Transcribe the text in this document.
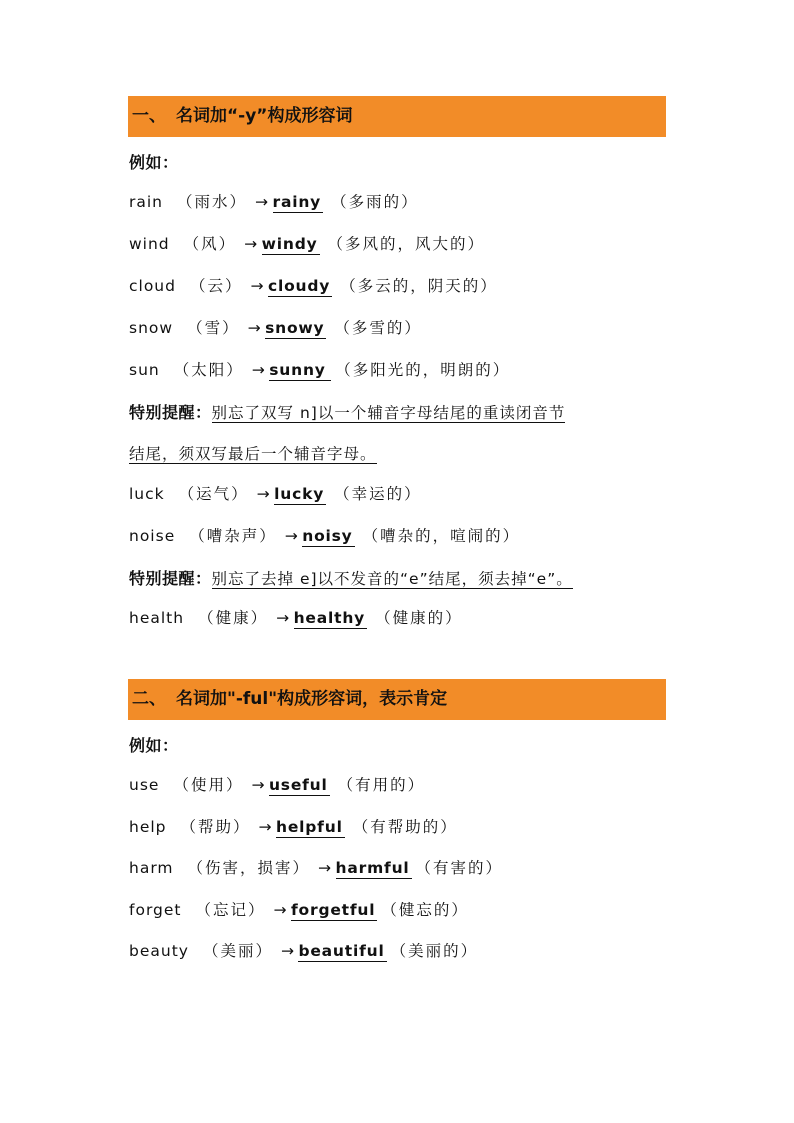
一、 名词加“-y”构成形容词
例如：
rain （雨水） → rainy （多雨的）
wind （风） → windy （多风的，风大的）
cloud （云） → cloudy （多云的，阴天的）
snow （雪） → snowy （多雪的）
sun （太阳） → sunny （多阳光的，明朗的）
特别提醒：别忘了双写 n]以一个辅音字母结尾的重读闭音节
结尾，须双写最后一个辅音字母。
luck （运气） → lucky （幸运的）
noise （嘈杂声） → noisy （嘈杂的，喧闹的）
特别提醒：别忘了去掉 e]以不发音的“e”结尾，须去掉“e”。
health （健康） → healthy （健康的）
二、 名词加"-ful"构成形容词，表示肯定
例如：
use （使用） → useful （有用的）
help （帮助） → helpful （有帮助的）
harm （伤害，损害） → harmful （有害的）
forget （忘记） → forgetful （健忘的）
beauty （美丽） → beautiful （美丽的）
